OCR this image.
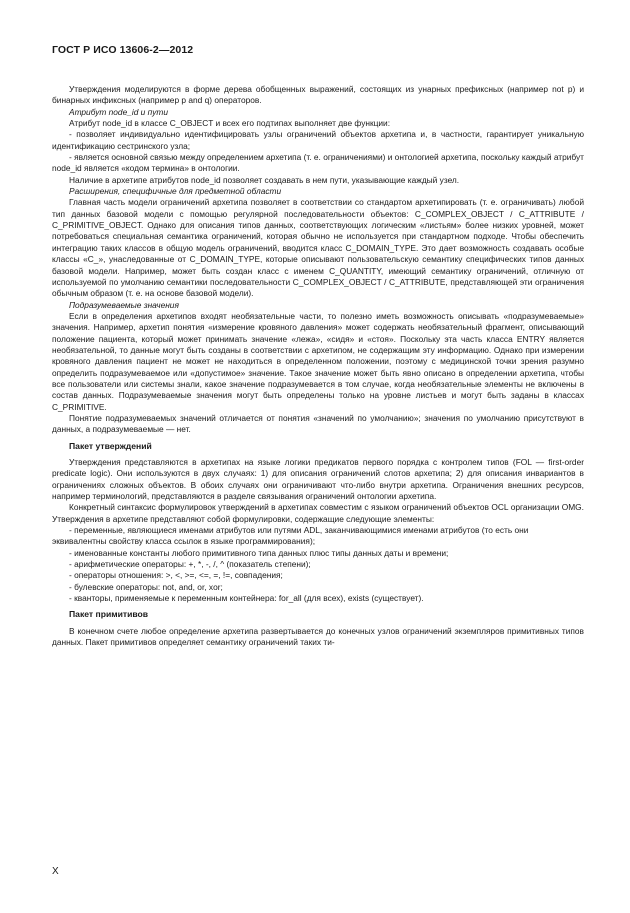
ГОСТ Р ИСО 13606-2—2012

Утверждения моделируются в форме дерева обобщенных выражений, состоящих из унарных префиксных (например not p) и бинарных инфиксных (например p and q) операторов.

Атрибут node_id и пути

Атрибут node_id в классе C_OBJECT и всех его подтипах выполняет две функции:

- позволяет индивидуально идентифицировать узлы ограничений объектов архетипа и, в частности, гарантирует уникальную идентификацию сестринского узла;

- является основной связью между определением архетипа (т. е. ограничениями) и онтологией архетипа, поскольку каждый атрибут node_id является «кодом термина» в онтологии.

Наличие в архетипе атрибутов node_id позволяет создавать в нем пути, указывающие каждый узел.

Расширения, специфичные для предметной области

Главная часть модели ограничений архетипа позволяет в соответствии со стандартом архетипировать (т. е. ограничивать) любой тип данных базовой модели с помощью регулярной последовательности объектов: C_COMPLEX_OBJECT / C_ATTRIBUTE / C_PRIMITIVE_OBJECT. Однако для описания типов данных, соответствующих логическим «листьям» более низких уровней, может потребоваться специальная семантика ограничений, которая обычно не используется при стандартном подходе. Чтобы обеспечить интеграцию таких классов в общую модель ограничений, вводится класс C_DOMAIN_TYPE. Это дает возможность создавать особые классы «C_», унаследованные от C_DOMAIN_TYPE, которые описывают пользовательскую семантику специфических типов данных базовой модели. Например, может быть создан класс с именем C_QUANTITY, имеющий семантику ограничений, отличную от используемой по умолчанию семантики последовательности C_COMPLEX_OBJECT / C_ATTRIBUTE, представляющей эти ограничения обычным образом (т. е. на основе базовой модели).

Подразумеваемые значения

Если в определения архетипов входят необязательные части, то полезно иметь возможность описывать «подразумеваемые» значения. Например, архетип понятия «измерение кровяного давления» может содержать необязательный фрагмент, описывающий положение пациента, который может принимать значение «лежа», «сидя» и «стоя». Поскольку эта часть класса ENTRY является необязательной, то данные могут быть созданы в соответствии с архетипом, не содержащим эту информацию. Однако при измерении кровяного давления пациент не может не находиться в определенном положении, поэтому с медицинской точки зрения разумно определить подразумеваемое или «допустимое» значение. Такое значение может быть явно описано в определении архетипа, чтобы все пользователи или системы знали, какое значение подразумевается в том случае, когда необязательные элементы не включены в состав данных. Подразумеваемые значения могут быть определены только на уровне листьев и могут быть заданы в классах C_PRIMITIVE.

Понятие подразумеваемых значений отличается от понятия «значений по умолчанию»; значения по умолчанию присутствуют в данных, а подразумеваемые — нет.

Пакет утверждений

Утверждения представляются в архетипах на языке логики предикатов первого порядка с контролем типов (FOL — first-order predicate logic). Они используются в двух случаях: 1) для описания ограничений слотов архетипа; 2) для описания инвариантов в ограничениях сложных объектов. В обоих случаях они ограничивают что-либо внутри архетипа. Ограничения внешних ресурсов, например терминологий, представляются в разделе связывания ограничений онтологии архетипа.

Конкретный синтаксис формулировок утверждений в архетипах совместим с языком ограничений объектов OCL организации OMG. Утверждения в архетипе представляют собой формулировки, содержащие следующие элементы:

- переменные, являющиеся именами атрибутов или путями ADL, заканчивающимися именами атрибутов (то есть они эквивалентны свойству класса ссылок в языке программирования);

- именованные константы любого примитивного типа данных плюс типы данных даты и времени;

- арифметические операторы: +, *, -, /, ^ (показатель степени);

- операторы отношения: >, <, >=, <=, =, !=, совпадения;

- булевские операторы: not, and, or, xor;

- кванторы, применяемые к переменным контейнера: for_all (для всех), exists (существует).

Пакет примитивов

В конечном счете любое определение архетипа развертывается до конечных узлов ограничений экземпляров примитивных типов данных. Пакет примитивов определяет семантику ограничений таких ти-

X
